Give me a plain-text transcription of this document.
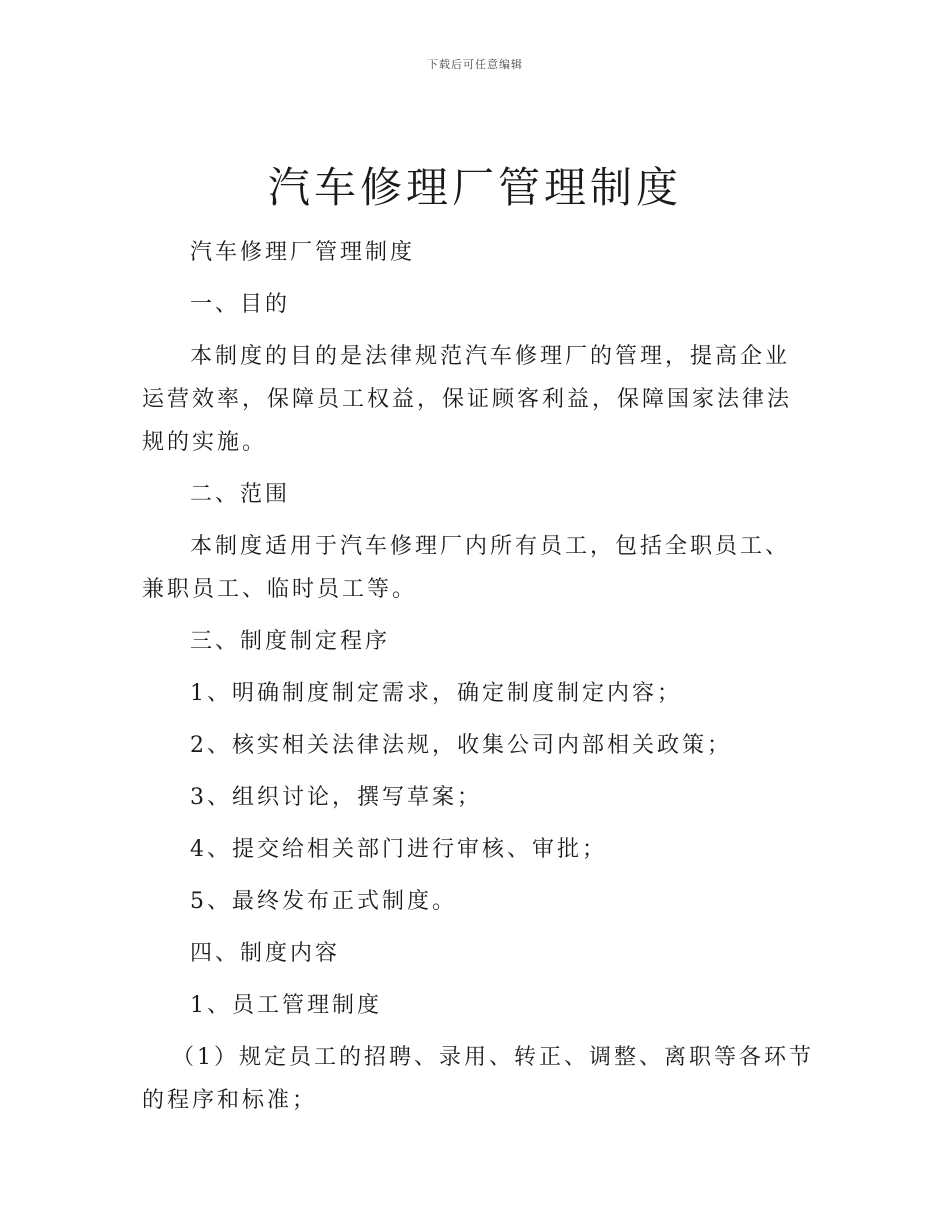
下载后可任意编辑
汽车修理厂管理制度

汽车修理厂管理制度

一、目的

本制度的目的是法律规范汽车修理厂的管理，提高企业运营效率，保障员工权益，保证顾客利益，保障国家法律法规的实施。

二、范围

本制度适用于汽车修理厂内所有员工，包括全职员工、兼职员工、临时员工等。

三、制度制定程序

1、明确制度制定需求，确定制度制定内容；

2、核实相关法律法规，收集公司内部相关政策；

3、组织讨论，撰写草案；

4、提交给相关部门进行审核、审批；

5、最终发布正式制度。

四、制度内容

1、员工管理制度

（1）规定员工的招聘、录用、转正、调整、离职等各环节的程序和标准；
